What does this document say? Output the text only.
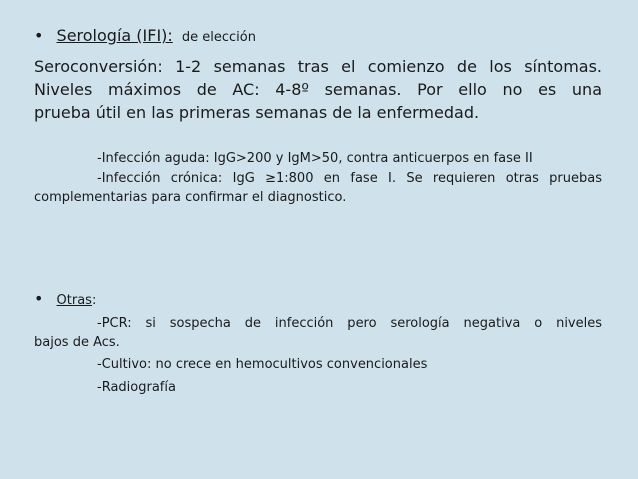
• Serología (IFI): de elección
Seroconversión: 1-2 semanas tras el comienzo de los síntomas.
Niveles máximos de AC: 4-8º semanas. Por ello no es una
prueba útil en las primeras semanas de la enfermedad.
-Infección aguda: IgG>200 y IgM>50, contra anticuerpos en fase II
-Infección crónica: IgG ≥1:800 en fase I. Se requieren otras pruebas
complementarias para confirmar el diagnostico.
• Otras:
-PCR: si sospecha de infección pero serología negativa o niveles
bajos de Acs.
-Cultivo: no crece en hemocultivos convencionales
-Radiografía
